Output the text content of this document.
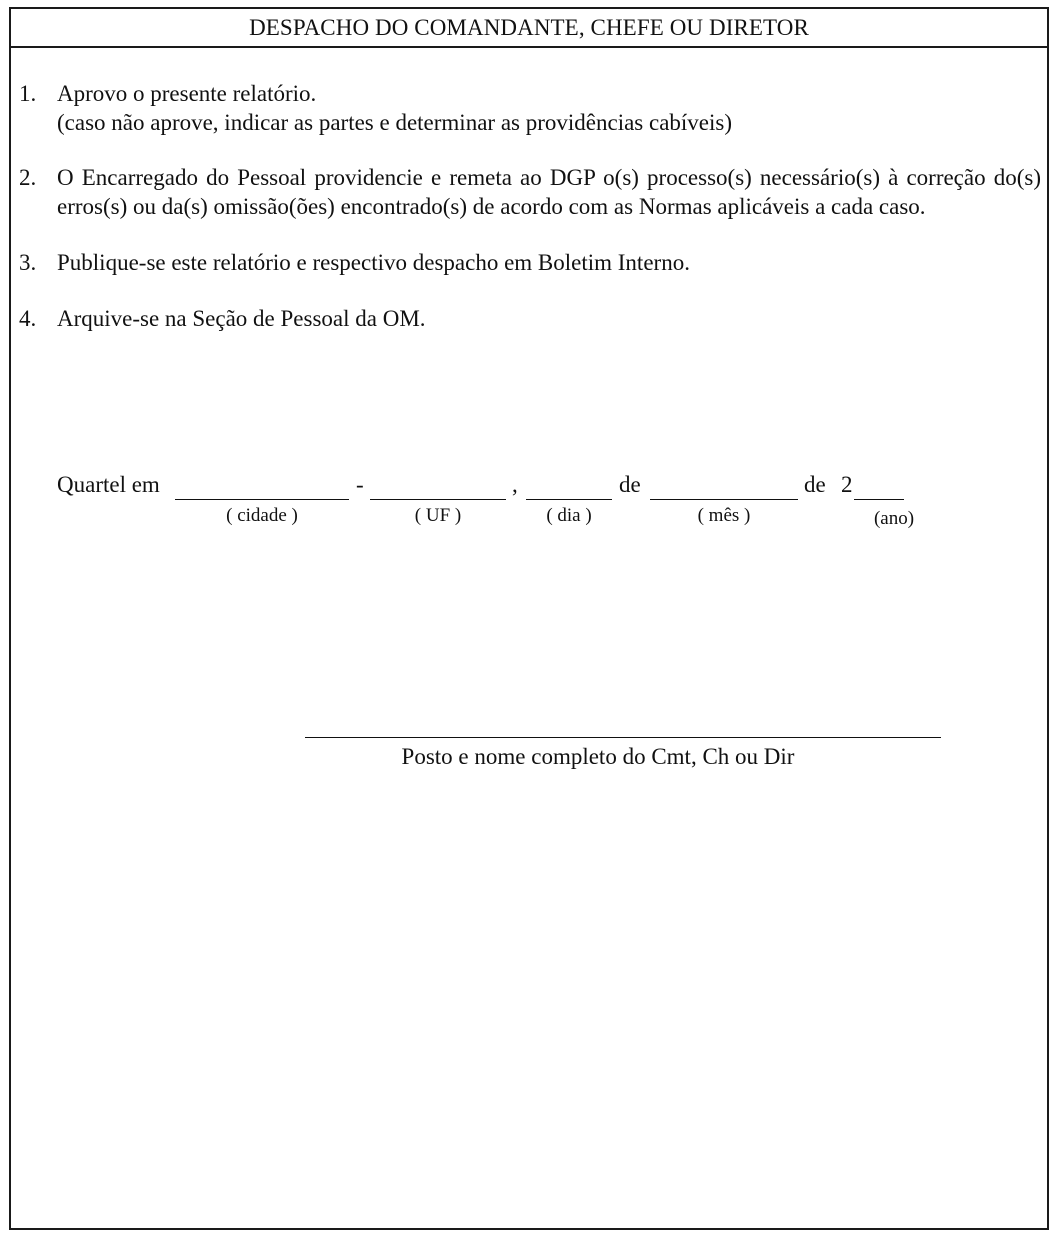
DESPACHO DO COMANDANTE, CHEFE OU DIRETOR
1. Aprovo o presente relatório.
(caso não aprove, indicar as partes e determinar as providências cabíveis)
2. O Encarregado do Pessoal providencie e remeta ao DGP o(s) processo(s) necessário(s) à correção do(s) erros(s) ou da(s) omissão(ões) encontrado(s) de acordo com as Normas aplicáveis a cada caso.
3. Publique-se este relatório e respectivo despacho em Boletim Interno.
4. Arquive-se na Seção de Pessoal da OM.
Quartel em
( cidade )
-
( UF )
,
( dia )
de
( mês )
de 2
(ano)
Posto e nome completo do Cmt, Ch ou Dir
